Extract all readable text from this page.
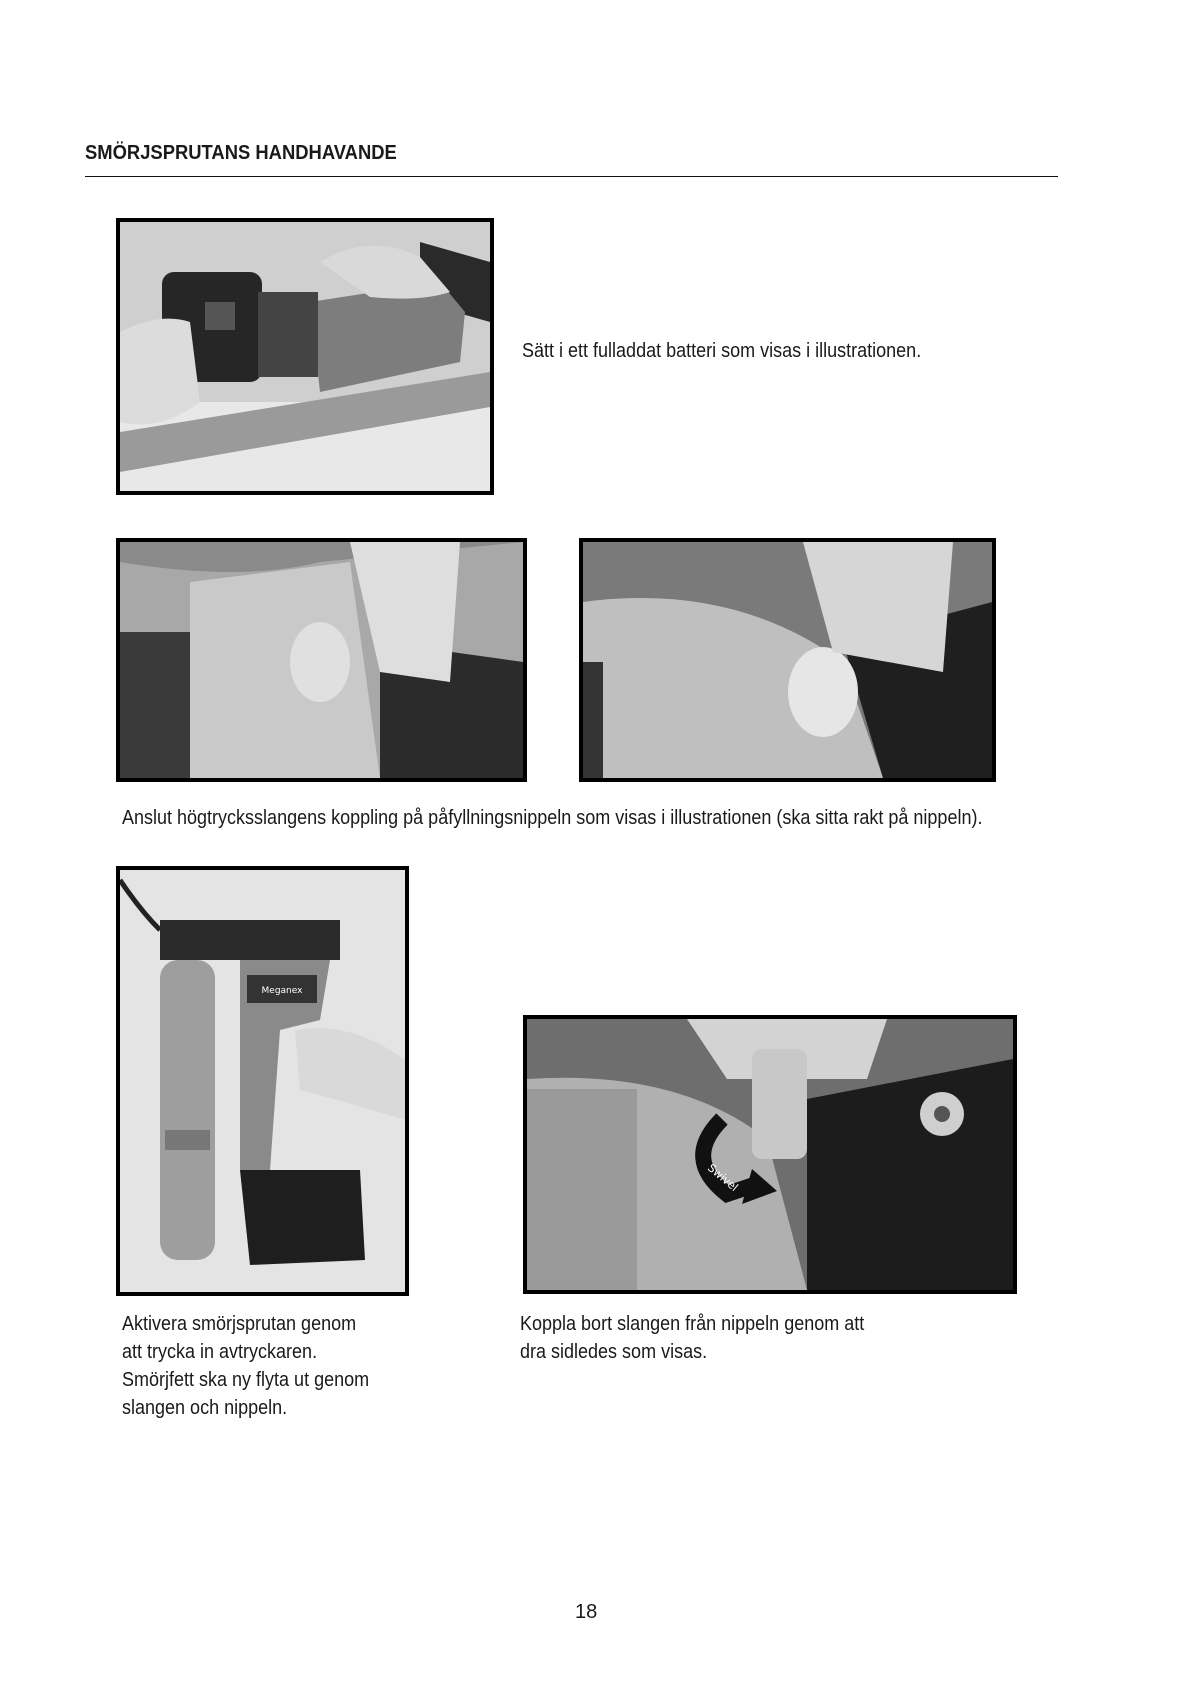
SMÖRJSPRUTANS HANDHAVANDE
Sätt i ett fulladdat batteri som visas i illustrationen.
Anslut högtrycksslangens koppling på påfyllningsnippeln som visas i illustrationen (ska sitta rakt på nippeln).
Meganex
Aktivera smörjsprutan genom
att trycka in avtryckaren.
Smörjfett ska ny flyta ut genom
slangen och nippeln.
Swivel
Koppla bort slangen från nippeln genom att
dra sidledes som visas.
18
